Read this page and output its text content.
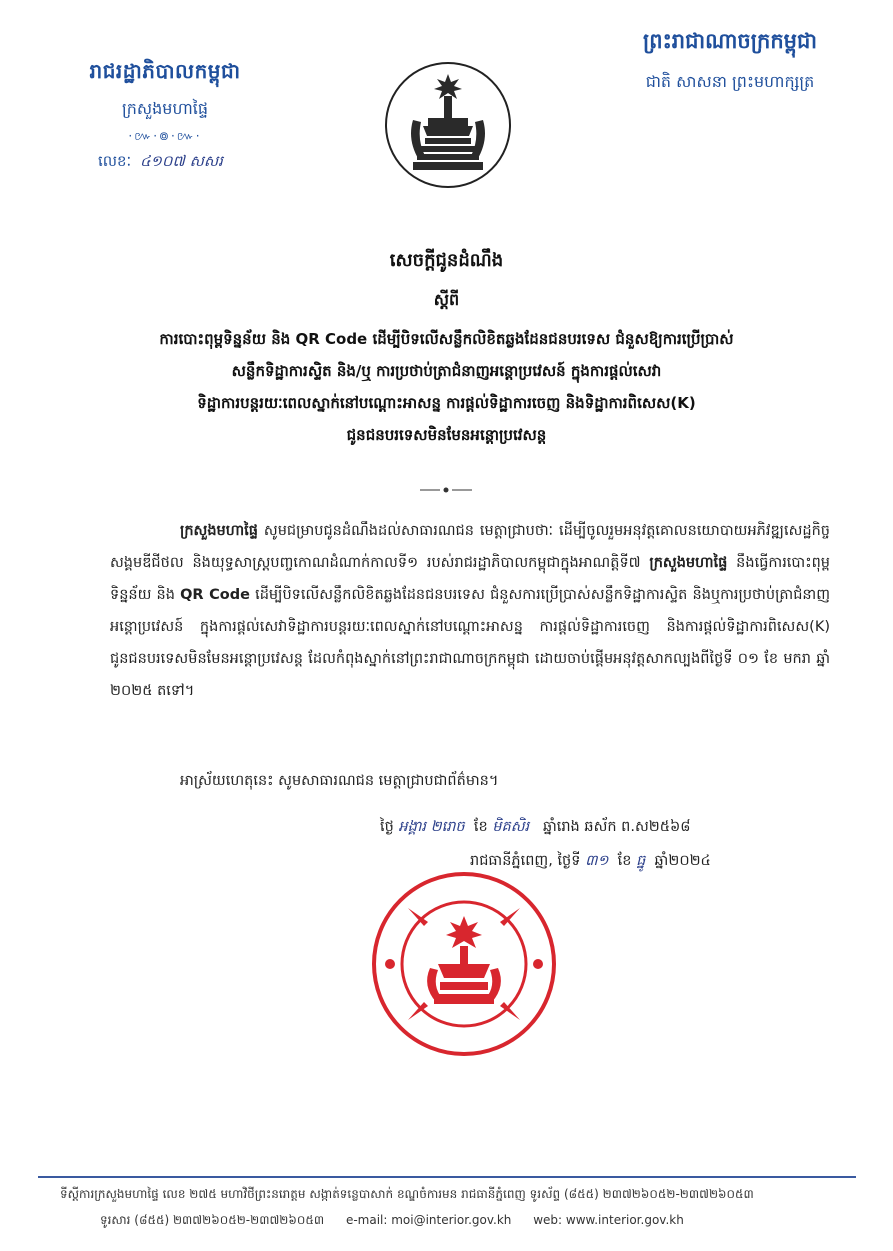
រាជរដ្ឋាភិបាលកម្ពុជា
ក្រសួងមហាផ្ទៃ
·៚·៙·៚·
លេខៈ ៤១០៧ សសរ
ព្រះរាជាណាចក្រកម្ពុជា
ជាតិ សាសនា ព្រះមហាក្សត្រ
សេចក្តីជូនដំណឹង
ស្តីពី
ការបោះពុម្ពទិន្នន័យ និង QR Code ដើម្បីបិទលើសន្លឹកលិខិតឆ្លងដែនជនបរទេស ជំនួសឱ្យការប្រើប្រាស់
សន្លឹកទិដ្ឋាការស្ទិត និង/ឬ ការប្រថាប់ត្រាជំនាញអន្តោប្រវេសន៍ ក្នុងការផ្តល់សេវា
ទិដ្ឋាការបន្តរយៈពេលស្នាក់នៅបណ្តោះអាសន្ន ការផ្តល់ទិដ្ឋាការចេញ និងទិដ្ឋាការពិសេស(K)
ជូនជនបរទេសមិនមែនអន្តោប្រវេសន្ត
ក្រសួងមហាផ្ទៃ សូមជម្រាបជូនដំណឹងដល់សាធារណជន មេត្តាជ្រាបថាៈ ដើម្បីចូលរួមអនុវត្តគោលនយោបាយអភិវឌ្ឍសេដ្ឋកិច្ចសង្គមឌីជីថល និងយុទ្ធសាស្រ្តបញ្ចកោណដំណាក់កាលទី១ របស់រាជរដ្ឋាភិបាលកម្ពុជាក្នុងអាណត្តិទី៧ ក្រសួងមហាផ្ទៃ នឹងធ្វើការបោះពុម្ពទិន្នន័យ និង QR Code ដើម្បីបិទលើសន្លឹកលិខិតឆ្លងដែនជនបរទេស ជំនួសការប្រើប្រាស់សន្លឹកទិដ្ឋាការស្ទិត និងឬការប្រថាប់ត្រាជំនាញអន្តោប្រវេសន៍ ក្នុងការផ្តល់សេវាទិដ្ឋាការបន្តរយៈពេលស្នាក់នៅបណ្តោះអាសន្ន ការផ្តល់ទិដ្ឋាការចេញ និងការផ្តល់ទិដ្ឋាការពិសេស(K) ជូនជនបរទេសមិនមែនអន្តោប្រវេសន្ត ដែលកំពុងស្នាក់នៅព្រះរាជាណាចក្រកម្ពុជា ដោយចាប់ផ្តើមអនុវត្តសាកល្បងពីថ្ងៃទី ០១ ខែ មករា ឆ្នាំ ២០២៥ តទៅ។
អាស្រ័យហេតុនេះ សូមសាធារណជន មេត្តាជ្រាបជាព័ត៌មាន។
ថ្ងៃ អង្គារ ២រោច ខែ មិគសិរ ឆ្នាំរោង ឆស័ក ព.ស២៥៦៨
រាជធានីភ្នំពេញ, ថ្ងៃទី ៣១ ខែ ធ្នូ ឆ្នាំ២០២៤
ទីស្តីការក្រសួងមហាផ្ទៃ លេខ ២៧៥ មហាវិថីព្រះនរោត្តម សង្កាត់ទន្លេបាសាក់ ខណ្ឌចំការមន រាជធានីភ្នំពេញ ទូរស័ព្ទ (៨៥៥) ២៣៧២៦០៥២-២៣៧២៦០៥៣
ទូរសារ (៨៥៥) ២៣៧២៦០៥២-២៣៧២៦០៥៣ e-mail: moi@interior.gov.kh web: www.interior.gov.kh
